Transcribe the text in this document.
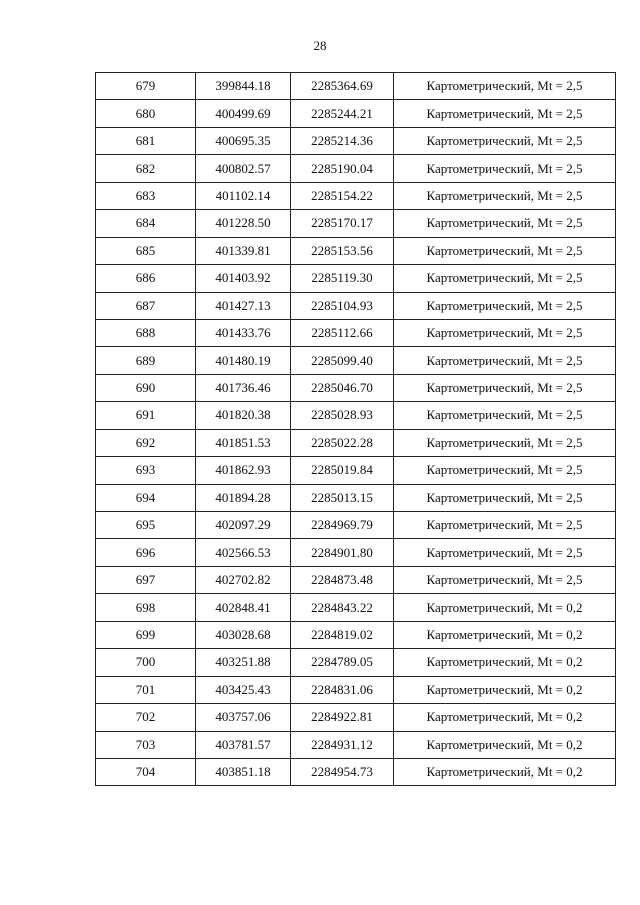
28
679	399844.18	2285364.69	Картометрический, Mt = 2,5
680	400499.69	2285244.21	Картометрический, Mt = 2,5
681	400695.35	2285214.36	Картометрический, Mt = 2,5
682	400802.57	2285190.04	Картометрический, Mt = 2,5
683	401102.14	2285154.22	Картометрический, Mt = 2,5
684	401228.50	2285170.17	Картометрический, Mt = 2,5
685	401339.81	2285153.56	Картометрический, Mt = 2,5
686	401403.92	2285119.30	Картометрический, Mt = 2,5
687	401427.13	2285104.93	Картометрический, Mt = 2,5
688	401433.76	2285112.66	Картометрический, Mt = 2,5
689	401480.19	2285099.40	Картометрический, Mt = 2,5
690	401736.46	2285046.70	Картометрический, Mt = 2,5
691	401820.38	2285028.93	Картометрический, Mt = 2,5
692	401851.53	2285022.28	Картометрический, Mt = 2,5
693	401862.93	2285019.84	Картометрический, Mt = 2,5
694	401894.28	2285013.15	Картометрический, Mt = 2,5
695	402097.29	2284969.79	Картометрический, Mt = 2,5
696	402566.53	2284901.80	Картометрический, Mt = 2,5
697	402702.82	2284873.48	Картометрический, Mt = 2,5
698	402848.41	2284843.22	Картометрический, Mt = 0,2
699	403028.68	2284819.02	Картометрический, Mt = 0,2
700	403251.88	2284789.05	Картометрический, Mt = 0,2
701	403425.43	2284831.06	Картометрический, Mt = 0,2
702	403757.06	2284922.81	Картометрический, Mt = 0,2
703	403781.57	2284931.12	Картометрический, Mt = 0,2
704	403851.18	2284954.73	Картометрический, Mt = 0,2
